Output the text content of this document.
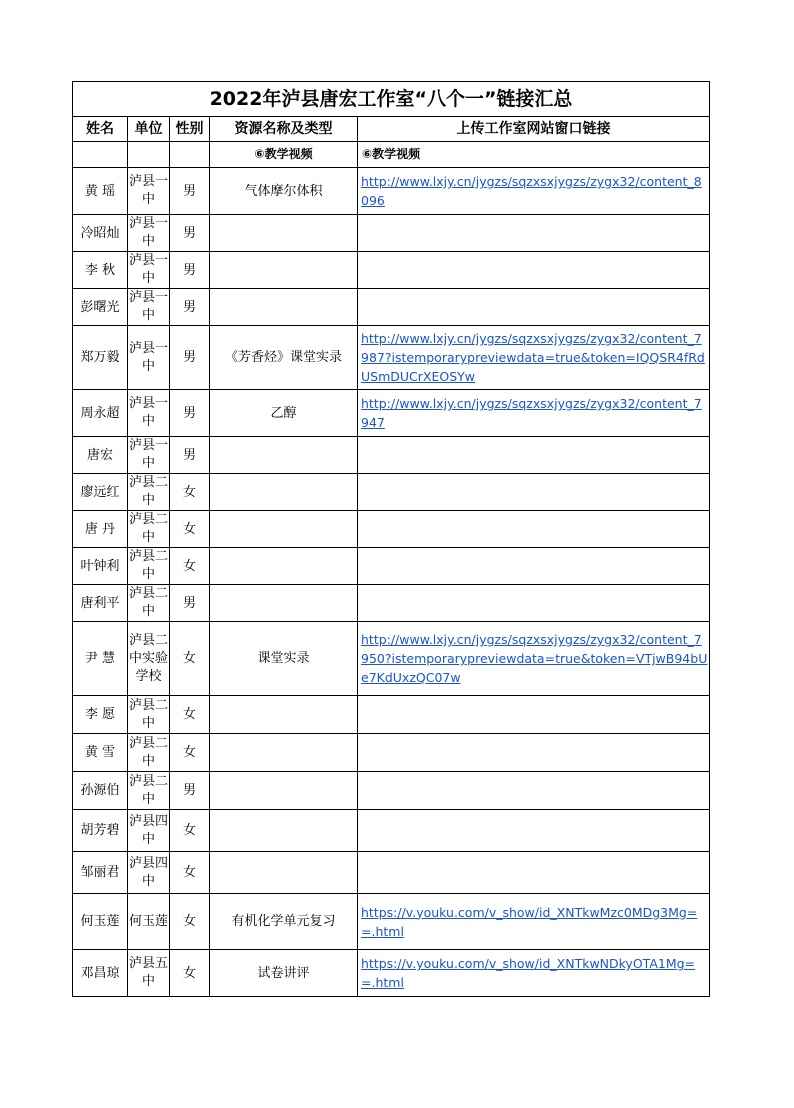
2022年泸县唐宏工作室“八个一”链接汇总				
姓名	单位	性别	资源名称及类型	上传工作室网站窗口链接
			⑥教学视频	⑥教学视频
黄 瑶	泸县一中	男	气体摩尔体积	http://www.lxjy.cn/jygzs/sqzxsxjygzs/zygx32/content_8096
冷昭灿	泸县一中	男		
李 秋	泸县一中	男		
彭曙光	泸县一中	男		
郑万毅	泸县一中	男	《芳香烃》课堂实录	http://www.lxjy.cn/jygzs/sqzxsxjygzs/zygx32/content_7987?istemporarypreviewdata=true&token=IQQSR4fRdUSmDUCrXEOSYw
周永超	泸县一中	男	乙醇	http://www.lxjy.cn/jygzs/sqzxsxjygzs/zygx32/content_7947
唐宏	泸县一中	男		
廖远红	泸县二中	女		
唐 丹	泸县二中	女		
叶钟利	泸县二中	女		
唐利平	泸县二中	男		
尹 慧	泸县二中实验学校	女	课堂实录	http://www.lxjy.cn/jygzs/sqzxsxjygzs/zygx32/content_7950?istemporarypreviewdata=true&token=VTjwB94bUe7KdUxzQC07w
李 愿	泸县二中	女		
黄 雪	泸县二中	女		
孙源伯	泸县二中	男		
胡芳碧	泸县四中	女		
邹丽君	泸县四中	女		
何玉莲	何玉莲	女	有机化学单元复习	https://v.youku.com/v_show/id_XNTkwMzc0MDg3Mg==.html
邓昌琼	泸县五中	女	试卷讲评	https://v.youku.com/v_show/id_XNTkwNDkyOTA1Mg==.html
